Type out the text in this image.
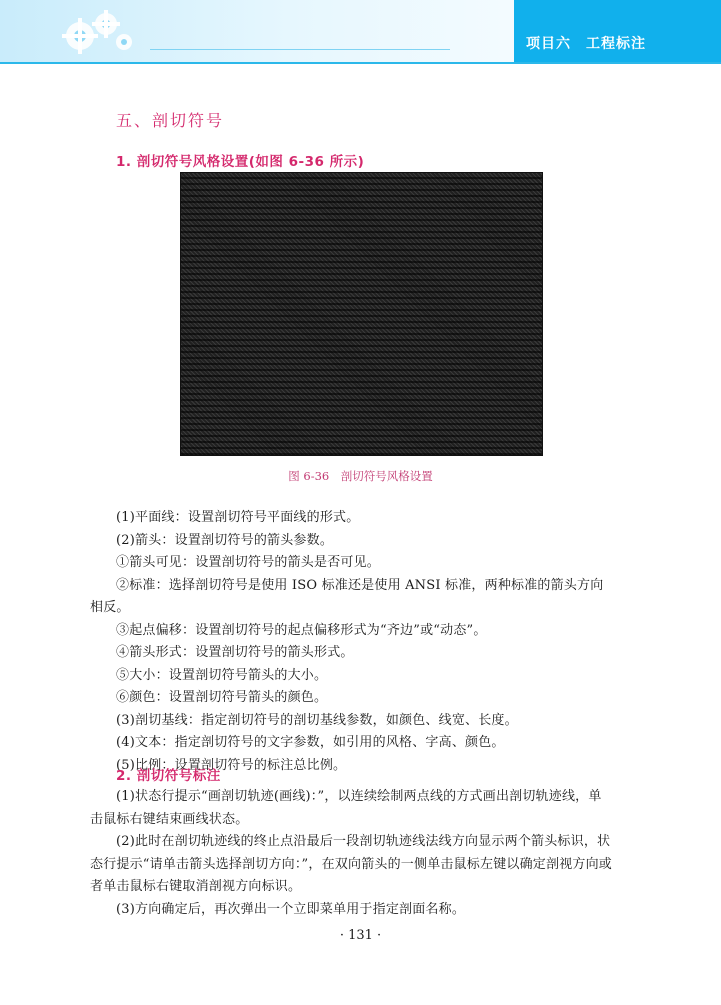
项目六　工程标注
五、剖切符号
1. 剖切符号风格设置(如图 6-36 所示)
图 6-36　剖切符号风格设置
(1)平面线：设置剖切符号平面线的形式。
(2)箭头：设置剖切符号的箭头参数。
①箭头可见：设置剖切符号的箭头是否可见。
②标准：选择剖切符号是使用 ISO 标准还是使用 ANSI 标准，两种标准的箭头方向
相反。
③起点偏移：设置剖切符号的起点偏移形式为“齐边”或“动态”。
④箭头形式：设置剖切符号的箭头形式。
⑤大小：设置剖切符号箭头的大小。
⑥颜色：设置剖切符号箭头的颜色。
(3)剖切基线：指定剖切符号的剖切基线参数，如颜色、线宽、长度。
(4)文本：指定剖切符号的文字参数，如引用的风格、字高、颜色。
(5)比例：设置剖切符号的标注总比例。
2. 剖切符号标注
(1)状态行提示“画剖切轨迹(画线)：”，以连续绘制两点线的方式画出剖切轨迹线，单
击鼠标右键结束画线状态。
(2)此时在剖切轨迹线的终止点沿最后一段剖切轨迹线法线方向显示两个箭头标识，状
态行提示“请单击箭头选择剖切方向：”，在双向箭头的一侧单击鼠标左键以确定剖视方向或
者单击鼠标右键取消剖视方向标识。
(3)方向确定后，再次弹出一个立即菜单用于指定剖面名称。
· 131 ·
